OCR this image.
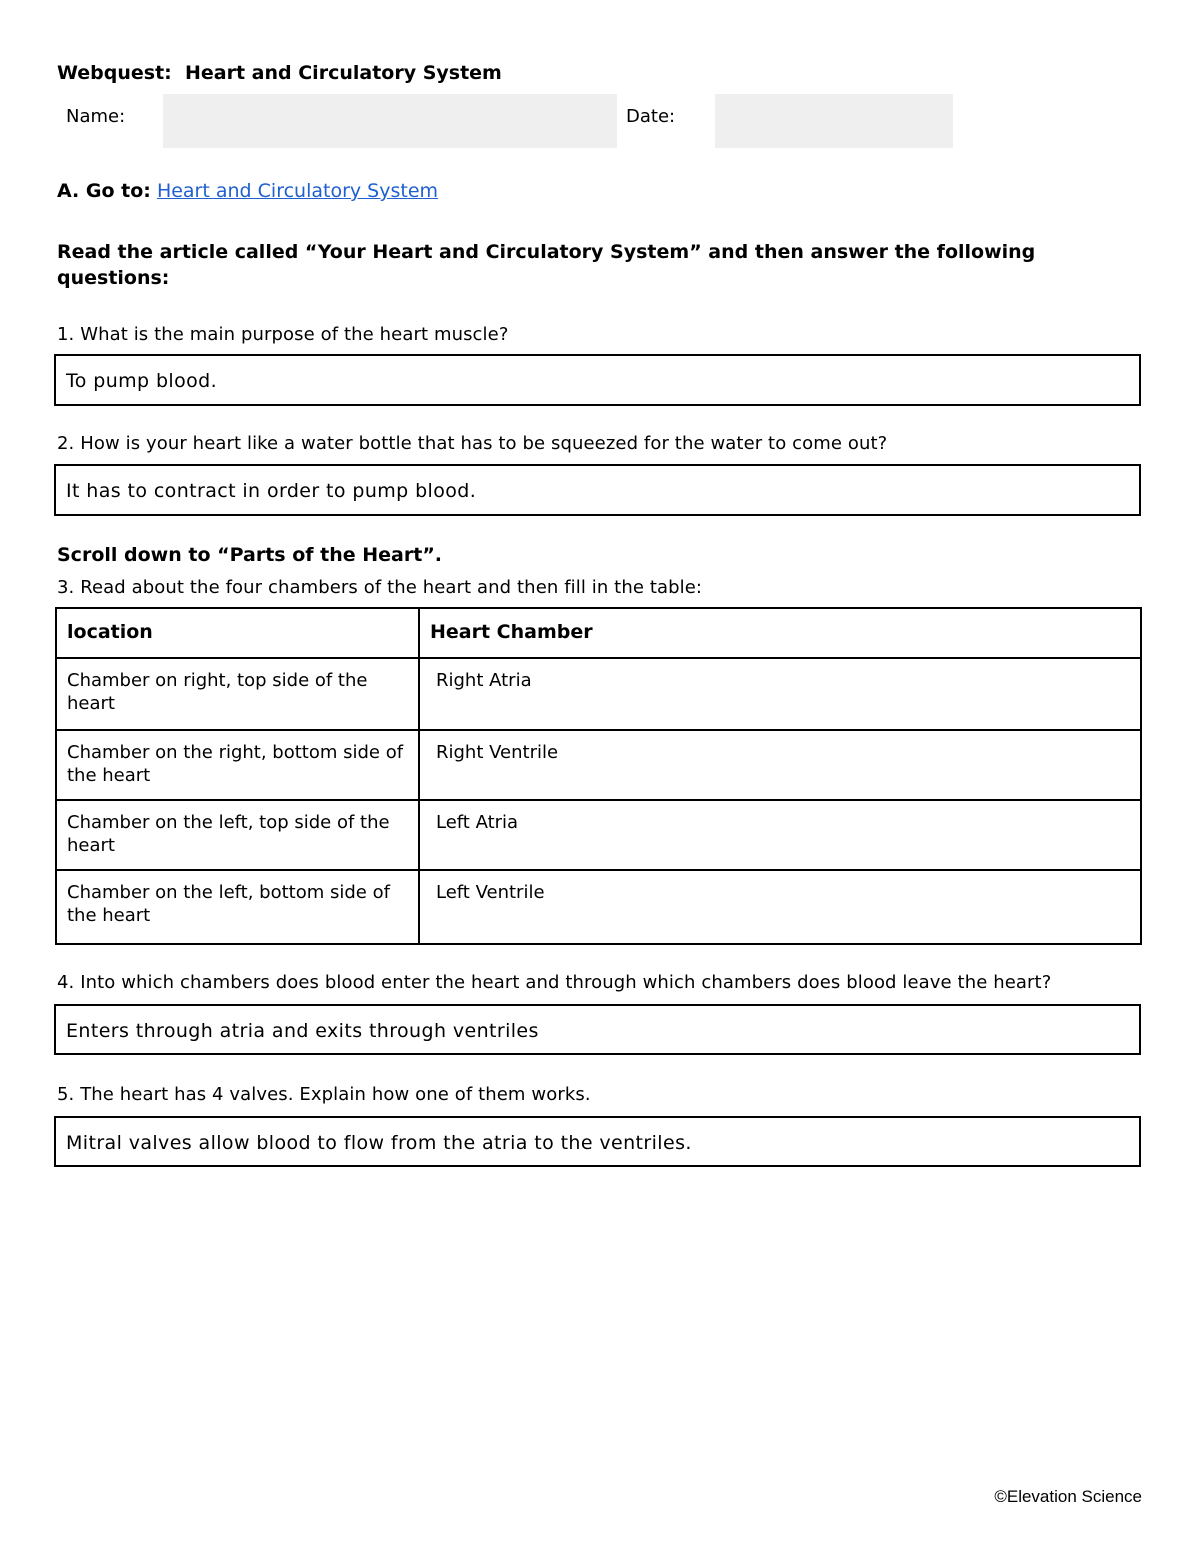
Webquest:  Heart and Circulatory System
Name:	Date:
A. Go to: Heart and Circulatory System
Read the article called “Your Heart and Circulatory System” and then answer the following questions:
1. What is the main purpose of the heart muscle?
To pump blood.
2. How is your heart like a water bottle that has to be squeezed for the water to come out?
It has to contract in order to pump blood.
Scroll down to “Parts of the Heart”.
3. Read about the four chambers of the heart and then fill in the table:
location	Heart Chamber

Chamber on right, top side of the heart	Right Atria

Chamber on the right, bottom side of the heart	Right Ventrile

Chamber on the left, top side of the heart	Left Atria

Chamber on the left, bottom side of the heart	Left Ventrile
4. Into which chambers does blood enter the heart and through which chambers does blood leave the heart?
Enters through atria and exits through ventriles
5. The heart has 4 valves. Explain how one of them works.
Mitral valves allow blood to flow from the atria to the ventriles.
©Elevation Science
